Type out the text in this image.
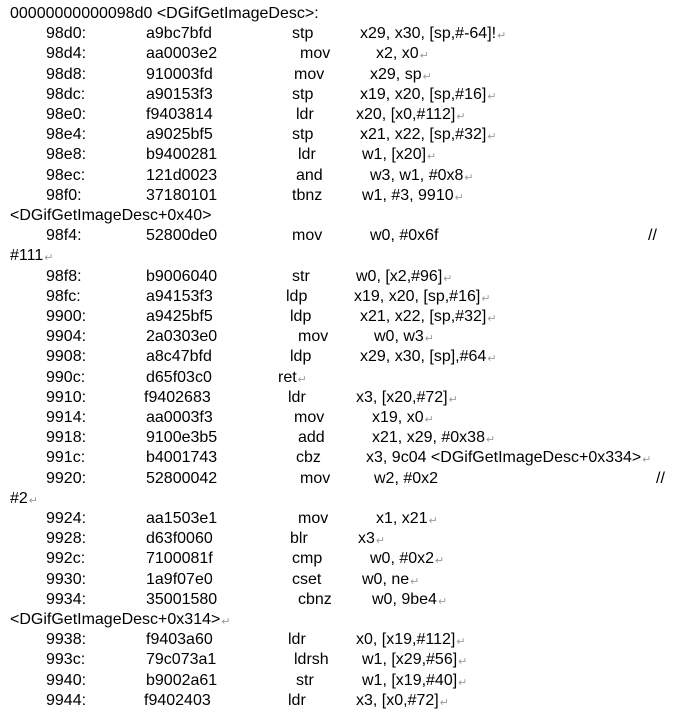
00000000000098d0 <DGifGetImageDesc>:
98d0:	a9bc7bfd	stp	x29, x30, [sp,#-64]!↵
98d4:	aa0003e2	mov	x2, x0↵
98d8:	910003fd	mov	x29, sp↵
98dc:	a90153f3	stp	x19, x20, [sp,#16]↵
98e0:	f9403814	ldr	x20, [x0,#112]↵
98e4:	a9025bf5	stp	x21, x22, [sp,#32]↵
98e8:	b9400281	ldr	w1, [x20]↵
98ec:	121d0023	and	w3, w1, #0x8↵
98f0:	37180101	tbnz w1, #3, 9910↵
<DGifGetImageDesc+0x40>
98f4:	52800de0	mov	w0, #0x6f	//
#111↵
98f8:	b9006040	str	w0, [x2,#96]↵
98fc:	a94153f3	ldp	x19, x20, [sp,#16]↵
9900:	a9425bf5	ldp	x21, x22, [sp,#32]↵
9904:	2a0303e0	mov	w0, w3↵
9908:	a8c47bfd	ldp	x29, x30, [sp],#64↵
990c:	d65f03c0	ret↵
9910:	f9402683	ldr	x3, [x20,#72]↵
9914:	aa0003f3	mov	x19, x0↵
9918:	9100e3b5	add	x21, x29, #0x38↵
991c:	b4001743	cbz	x3, 9c04 <DGifGetImageDesc+0x334>↵
9920:	52800042	mov	w2, #0x2	//
#2↵
9924:	aa1503e1	mov	x1, x21↵
9928:	d63f0060	blr	x3↵
992c:	7100081f	cmp	w0, #0x2↵
9930:	1a9f07e0	cset	w0, ne↵
9934:	35001580	cbnz	w0, 9be4↵
<DGifGetImageDesc+0x314>↵
9938:	f9403a60	ldr	x0, [x19,#112]↵
993c:	79c073a1	ldrsh w1, [x29,#56]↵
9940:	b9002a61	str	w1, [x19,#40]↵
9944:	f9402403	ldr	x3, [x0,#72]↵
